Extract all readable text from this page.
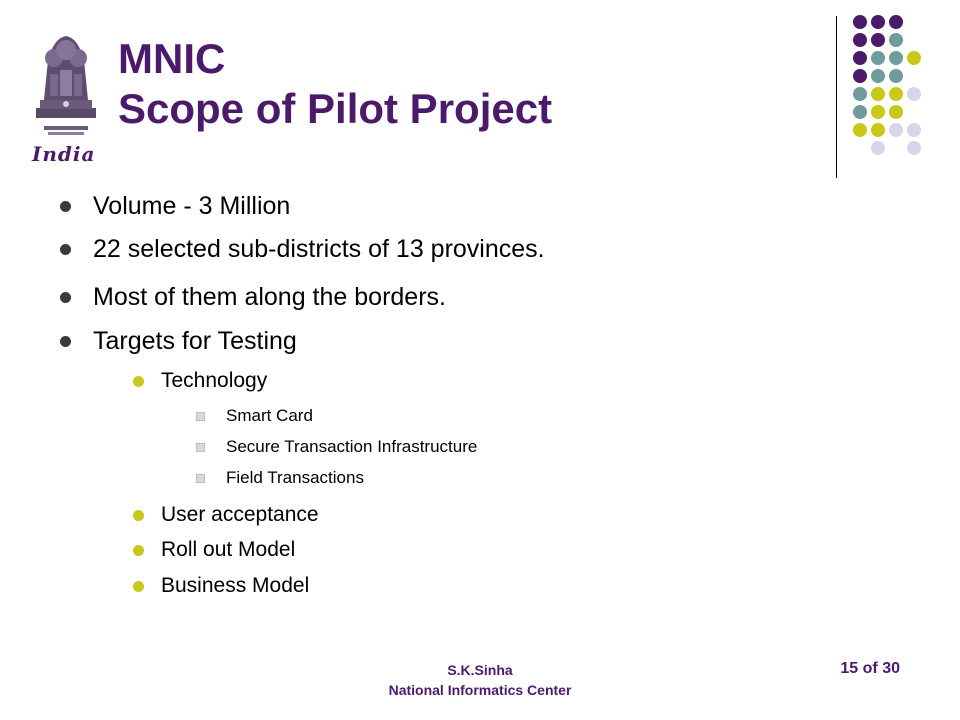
India
MNIC
Scope of Pilot Project
Volume - 3 Million
22 selected sub-districts of 13 provinces.
Most of them along the borders.
Targets for Testing
Technology
Smart Card
Secure Transaction Infrastructure
Field Transactions
User acceptance
Roll out Model
Business Model
S.K.Sinha
National Informatics Center
15 of 30
